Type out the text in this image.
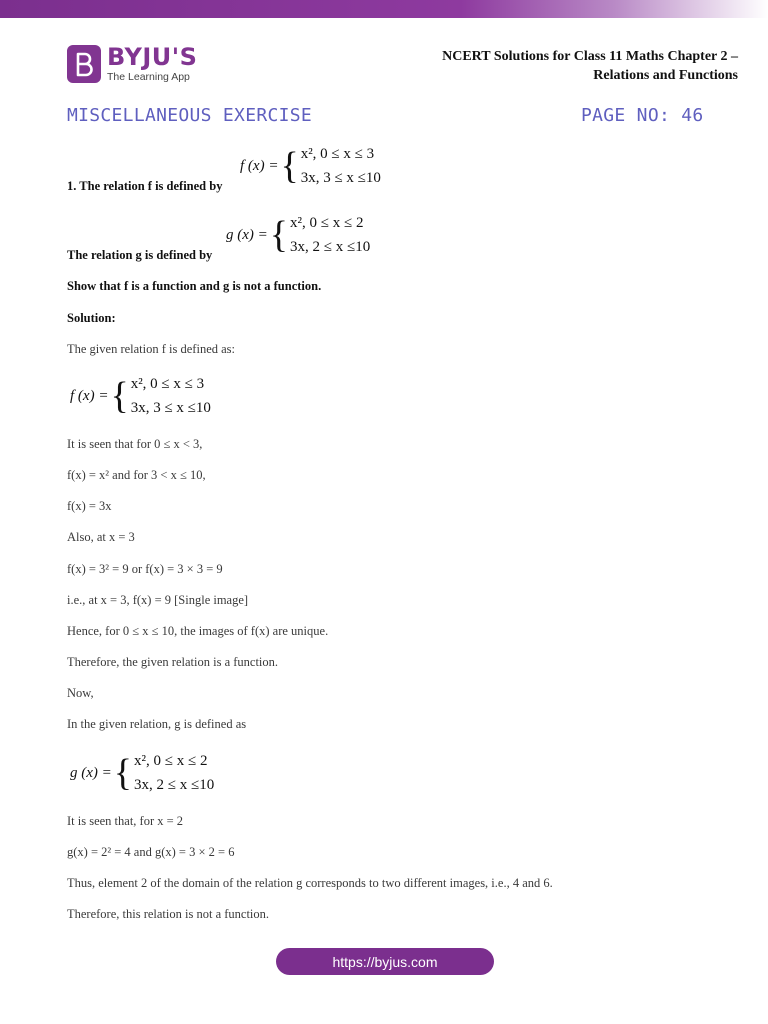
BYJU'S
The Learning App
NCERT Solutions for Class 11 Maths Chapter 2 –
Relations and Functions
MISCELLANEOUS EXERCISE	PAGE NO: 46
f (x) = { x², 0 ≤ x ≤ 3
3x, 3 ≤ x ≤10
1. The relation f is defined by
g (x) = { x², 0 ≤ x ≤ 2
3x, 2 ≤ x ≤10
The relation g is defined by
Show that f is a function and g is not a function.
Solution:
The given relation f is defined as:
f (x) = { x², 0 ≤ x ≤ 3
3x, 3 ≤ x ≤10
It is seen that for 0 ≤ x < 3,
f(x) = x² and for 3 < x ≤ 10,
f(x) = 3x
Also, at x = 3
f(x) = 3² = 9 or f(x) = 3 × 3 = 9
i.e., at x = 3, f(x) = 9 [Single image]
Hence, for 0 ≤ x ≤ 10, the images of f(x) are unique.
Therefore, the given relation is a function.
Now,
In the given relation, g is defined as
g (x) = { x², 0 ≤ x ≤ 2
3x, 2 ≤ x ≤10
It is seen that, for x = 2
g(x) = 2² = 4 and g(x) = 3 × 2 = 6
Thus, element 2 of the domain of the relation g corresponds to two different images, i.e., 4 and 6.
Therefore, this relation is not a function.
https://byjus.com
